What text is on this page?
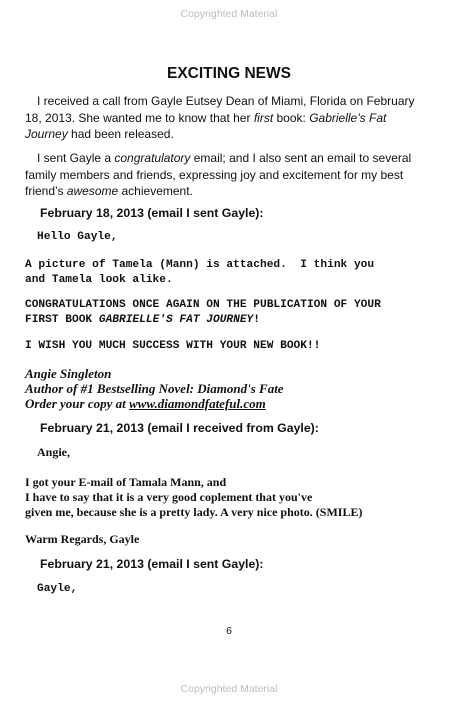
Copyrighted Material
EXCITING NEWS

I received a call from Gayle Eutsey Dean of Miami, Florida on February 18, 2013. She wanted me to know that her first book: Gabrielle’s Fat Journey had been released.

I sent Gayle a congratulatory email; and I also sent an email to several family members and friends, expressing joy and excitement for my best friend’s awesome achievement.

February 18, 2013 (email I sent Gayle):
Hello Gayle,
A picture of Tamela (Mann) is attached.  I think you
and Tamela look alike.
CONGRATULATIONS ONCE AGAIN ON THE PUBLICATION OF YOUR
FIRST BOOK GABRIELLE'S FAT JOURNEY!
I WISH YOU MUCH SUCCESS WITH YOUR NEW BOOK!!
Angie Singleton
Author of #1 Bestselling Novel: Diamond's Fate
Order your copy at www.diamondfateful.com
February 21, 2013 (email I received from Gayle):
Angie,
I got your E-mail of Tamala Mann, and
I have to say that it is a very good coplement that you've
given me, because she is a pretty lady. A very nice photo. (SMILE)
Warm Regards, Gayle
February 21, 2013 (email I sent Gayle):
Gayle,
6
Copyrighted Material
